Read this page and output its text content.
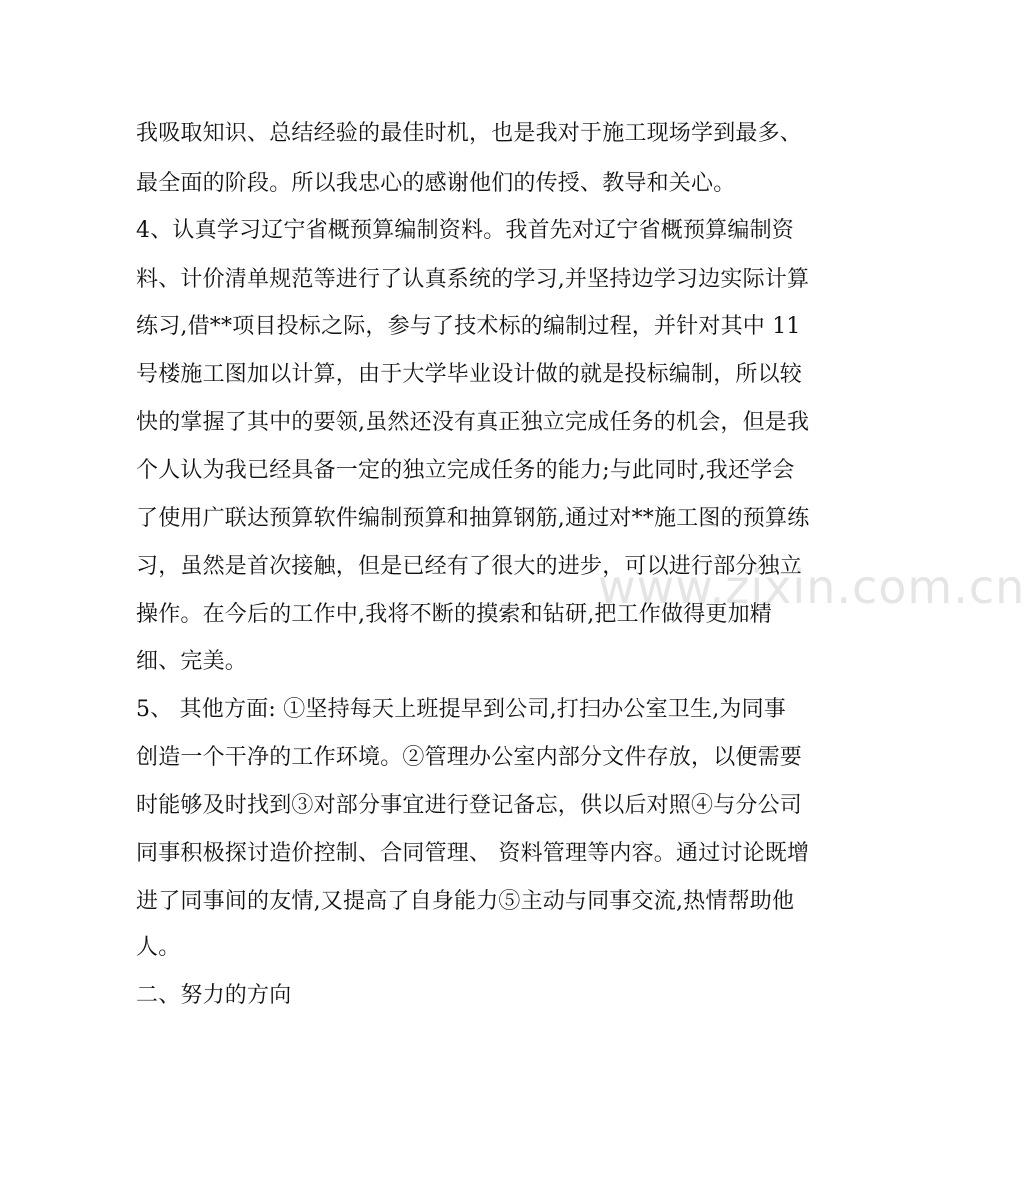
www.zixin.com.cn
我吸取知识、总结经验的最佳时机，也是我对于施工现场学到最多、
最全面的阶段。所以我忠心的感谢他们的传授、教导和关心。
4、认真学习辽宁省概预算编制资料。我首先对辽宁省概预算编制资
料、计价清单规范等进行了认真系统的学习,并坚持边学习边实际计算
练习,借**项目投标之际，参与了技术标的编制过程，并针对其中 11
号楼施工图加以计算，由于大学毕业设计做的就是投标编制，所以较
快的掌握了其中的要领,虽然还没有真正独立完成任务的机会，但是我
个人认为我已经具备一定的独立完成任务的能力;与此同时,我还学会
了使用广联达预算软件编制预算和抽算钢筋,通过对**施工图的预算练
习，虽然是首次接触，但是已经有了很大的进步，可以进行部分独立
操作。在今后的工作中,我将不断的摸索和钻研,把工作做得更加精
细、完美。
5、 其他方面: ①坚持每天上班提早到公司,打扫办公室卫生,为同事
创造一个干净的工作环境。②管理办公室内部分文件存放，以便需要
时能够及时找到③对部分事宜进行登记备忘，供以后对照④与分公司
同事积极探讨造价控制、合同管理、 资料管理等内容。通过讨论既增
进了同事间的友情,又提高了自身能力⑤主动与同事交流,热情帮助他
人。
二、努力的方向
